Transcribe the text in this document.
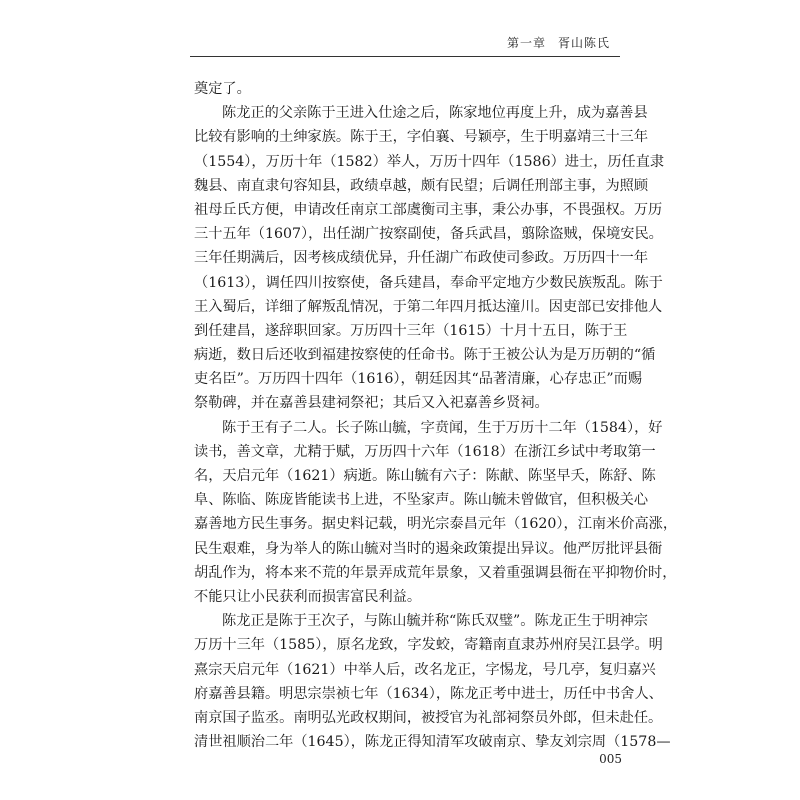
第一章 胥山陈氏
奠定了。
陈龙正的父亲陈于王进入仕途之后，陈家地位再度上升，成为嘉善县
比较有影响的土绅家族。陈于王，字伯襄、号颖亭，生于明嘉靖三十三年
（1554），万历十年（1582）举人，万历十四年（1586）进士，历任直隶
魏县、南直隶句容知县，政绩卓越，颇有民望；后调任刑部主事，为照顾
祖母丘氏方便，申请改任南京工部虞衡司主事，秉公办事，不畏强权。万历
三十五年（1607），出任湖广按察副使，备兵武昌，翦除盗贼，保境安民。
三年任期满后，因考核成绩优异，升任湖广布政使司参政。万历四十一年
（1613），调任四川按察使，备兵建昌，奉命平定地方少数民族叛乱。陈于
王入蜀后，详细了解叛乱情况，于第二年四月抵达潼川。因吏部已安排他人
到任建昌，遂辞职回家。万历四十三年（1615）十月十五日，陈于王
病逝，数日后还收到福建按察使的任命书。陈于王被公认为是万历朝的“循
吏名臣”。万历四十四年（1616），朝廷因其“品著清廉，心存忠正”而赐
祭勒碑，并在嘉善县建祠祭祀；其后又入祀嘉善乡贤祠。
陈于王有子二人。长子陈山毓，字贲闻，生于万历十二年（1584），好
读书，善文章，尤精于赋，万历四十六年（1618）在浙江乡试中考取第一
名，天启元年（1621）病逝。陈山毓有六子：陈献、陈坚早夭，陈舒、陈
阜、陈临、陈庞皆能读书上进，不坠家声。陈山毓未曾做官，但积极关心
嘉善地方民生事务。据史料记载，明光宗泰昌元年（1620），江南米价高涨，
民生艰难，身为举人的陈山毓对当时的遏籴政策提出异议。他严厉批评县衙
胡乱作为，将本来不荒的年景弄成荒年景象，又着重强调县衙在平抑物价时，
不能只让小民获利而损害富民利益。
陈龙正是陈于王次子，与陈山毓并称“陈氏双璧”。陈龙正生于明神宗
万历十三年（1585），原名龙致，字发蛟，寄籍南直隶苏州府吴江县学。明
熹宗天启元年（1621）中举人后，改名龙正，字惕龙，号几亭，复归嘉兴
府嘉善县籍。明思宗崇祯七年（1634），陈龙正考中进士，历任中书舍人、
南京国子监丞。南明弘光政权期间，被授官为礼部祠祭员外郎，但未赴任。
清世祖顺治二年（1645），陈龙正得知清军攻破南京、挚友刘宗周（1578—
005
